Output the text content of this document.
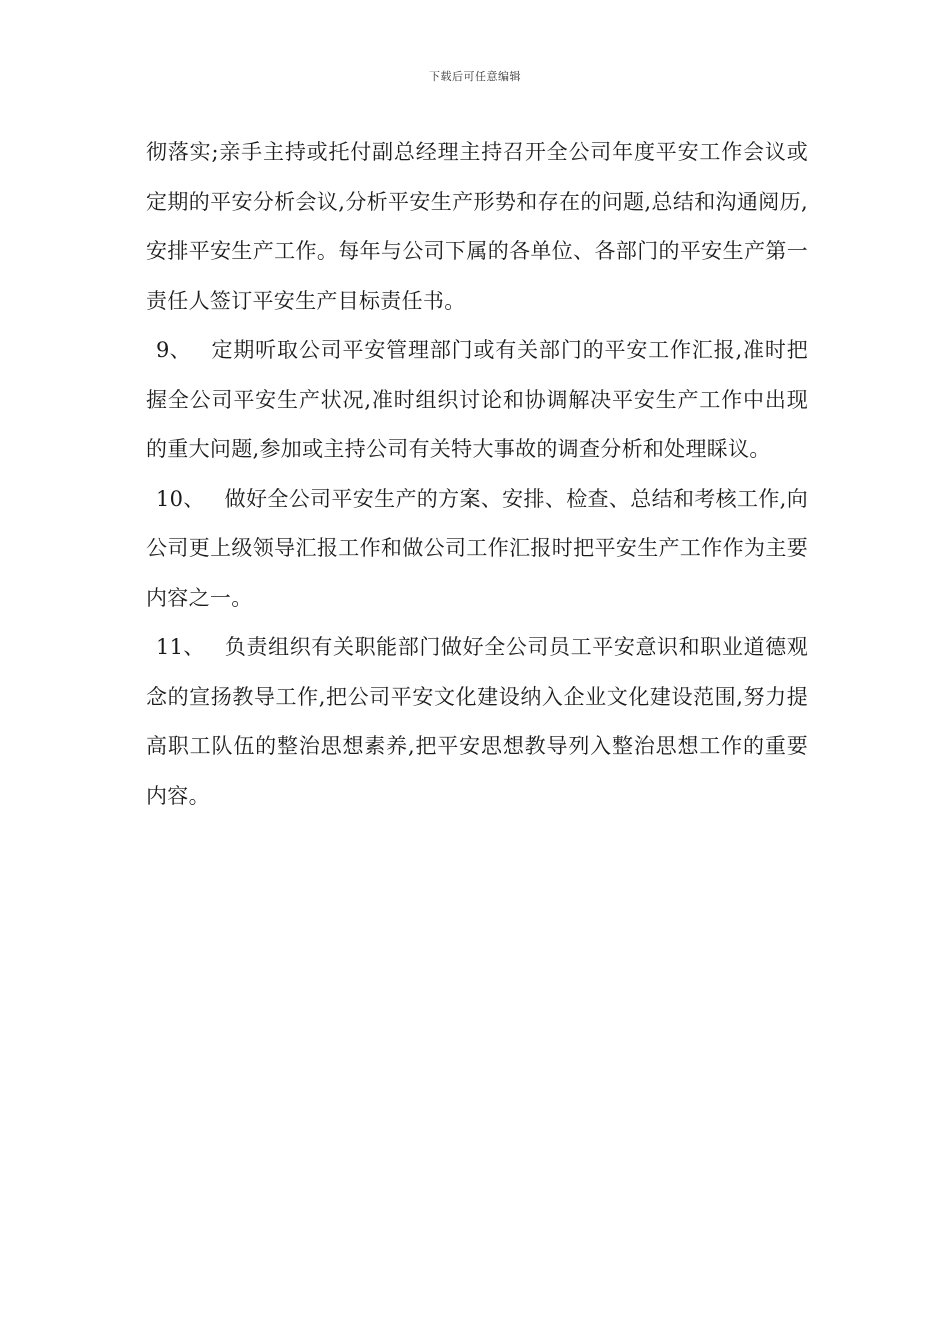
下载后可任意编辑

彻落实;亲手主持或托付副总经理主持召开全公司年度平安工作会议或定期的平安分析会议,分析平安生产形势和存在的问题,总结和沟通阅历,安排平安生产工作。每年与公司下属的各单位、各部门的平安生产第一责任人签订平安生产目标责任书。

9、 定期听取公司平安管理部门或有关部门的平安工作汇报,准时把握全公司平安生产状况,准时组织讨论和协调解决平安生产工作中出现的重大问题,参加或主持公司有关特大事故的调查分析和处理睬议。

10、 做好全公司平安生产的方案、安排、检查、总结和考核工作,向公司更上级领导汇报工作和做公司工作汇报时把平安生产工作作为主要内容之一。

11、 负责组织有关职能部门做好全公司员工平安意识和职业道德观念的宣扬教导工作,把公司平安文化建设纳入企业文化建设范围,努力提高职工队伍的整治思想素养,把平安思想教导列入整治思想工作的重要内容。
